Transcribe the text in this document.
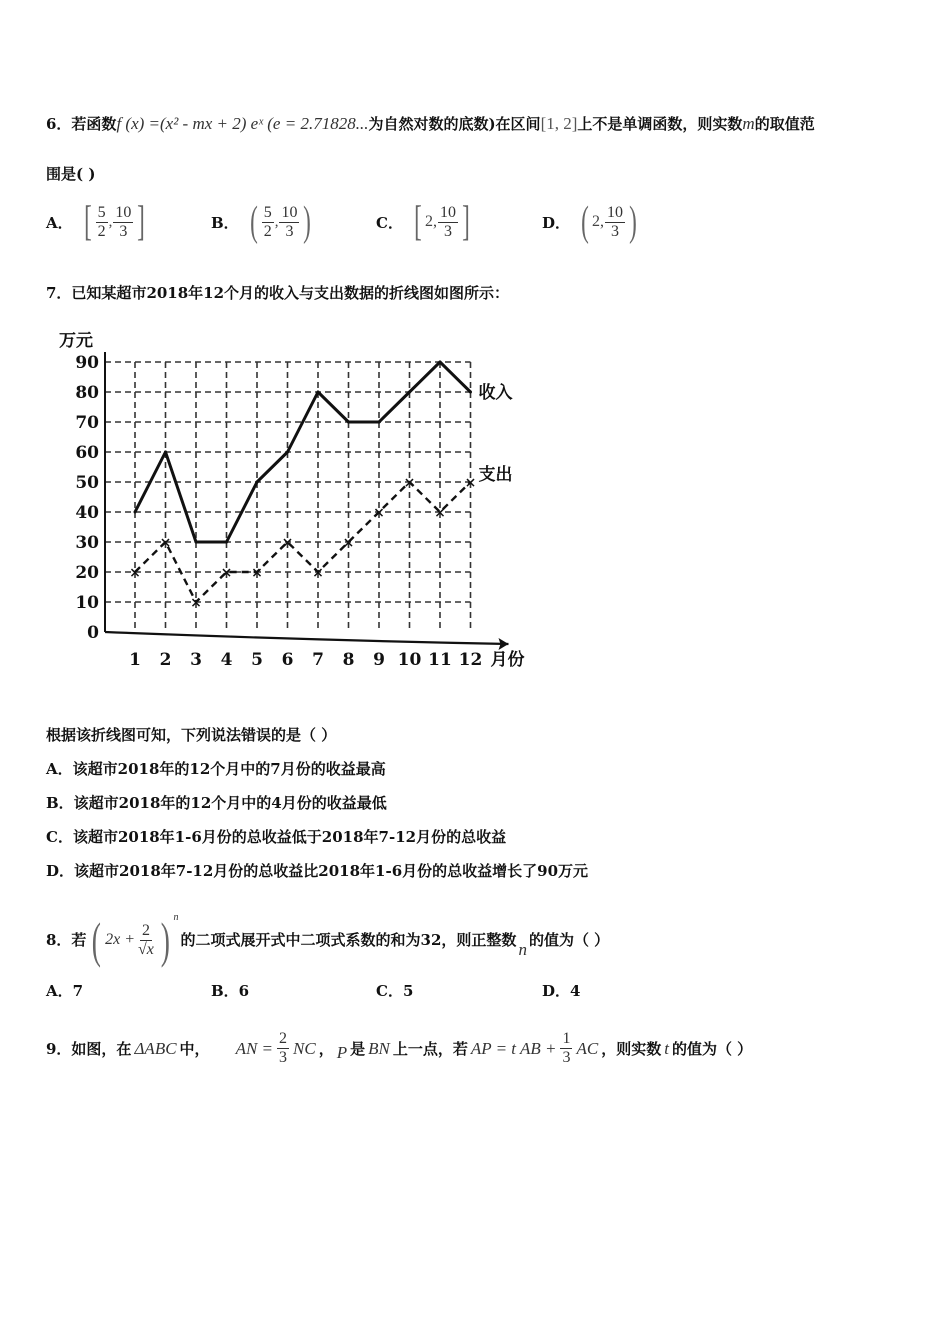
6．若函数f (x) =(x² - mx + 2) eˣ (e = 2.71828...为自然对数的底数)在区间[1, 2]上不是单调函数，则实数m的取值范
围是( )
A． [ $\frac{5}{2}$ , $\frac{10}{3}$ ]	B． ( $\frac{5}{2}$ , $\frac{10}{3}$ )	C． [ 2, $\frac{10}{3}$ ]	D． ( 2, $\frac{10}{3}$ )
7．已知某超市2018年12个月的收入与支出数据的折线图如图所示：
×
×
×
× ×
×
×
×
×
×
×
×
0
10
20
30
40
50
60
70
80
90
1 2 3 4 5 6 7 8 9 10 11 12
万元
月份
收入
支出
根据该折线图可知，下列说法错误的是（ ）
A．该超市2018年的12个月中的7月份的收益最高
B．该超市2018年的12个月中的4月份的收益最低
C．该超市2018年1-6月份的总收益低于2018年7-12月份的总收益
D．该超市2018年7-12月份的总收益比2018年1-6月份的总收益增长了90万元
8．若 ( $2x + \frac{2}{√x}$ ) $^n$
的二项式展开式中二项式系数的和为32，则正整数 n 的值为（ ）
A．7	B．6	C．5	D．4
9．如图，在 ΔABC 中， AN = $\frac{2}{3}$ NC ， P 是 BN 上一点，若 AP = t AB + $\frac{1}{3}$ AC ，则实数 t 的值为（ ）
